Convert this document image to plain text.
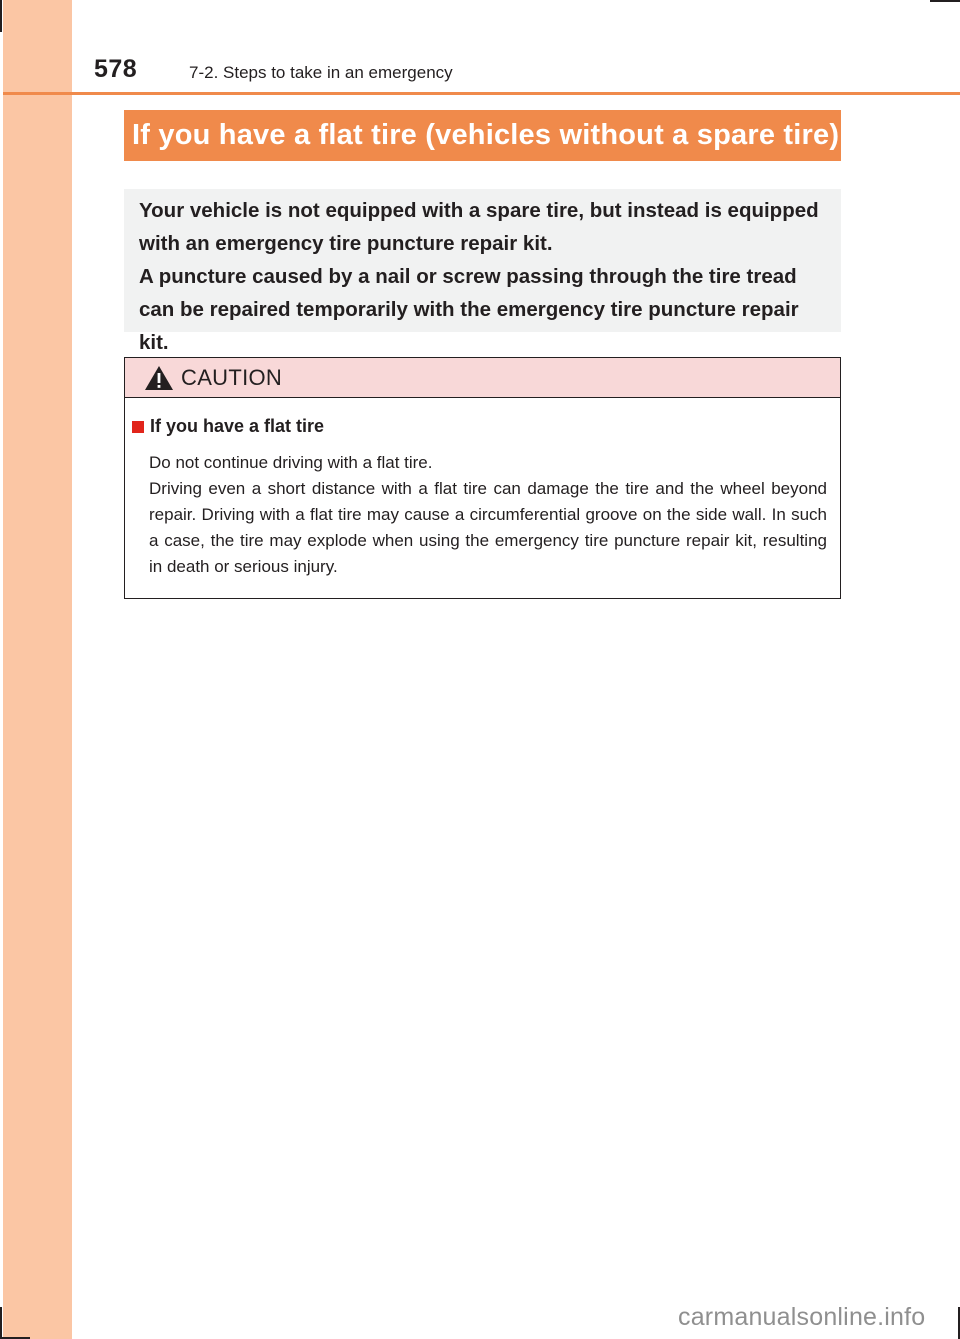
578	7-2. Steps to take in an emergency
If you have a flat tire (vehicles without a spare tire)

Your vehicle is not equipped with a spare tire, but instead is equipped with an emergency tire puncture repair kit.

A puncture caused by a nail or screw passing through the tire tread can be repaired temporarily with the emergency tire puncture repair kit.

CAUTION
If you have a flat tire

Do not continue driving with a flat tire.

Driving even a short distance with a flat tire can damage the tire and the wheel beyond repair. Driving with a flat tire may cause a circumferential groove on the side wall. In such a case, the tire may explode when using the emergency tire puncture repair kit, resulting in death or serious injury.

carmanualsonline.info
